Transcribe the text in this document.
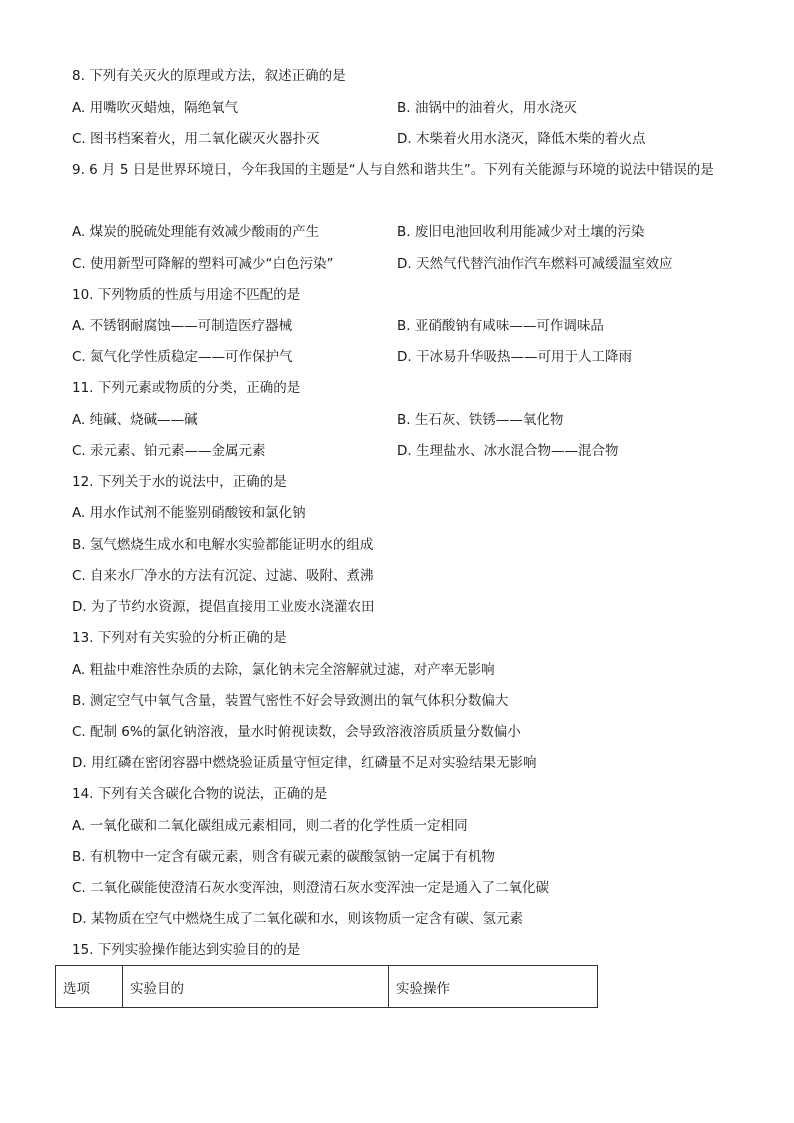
8. 下列有关灭火的原理或方法，叙述正确的是
A. 用嘴吹灭蜡烛，隔绝氧气	B. 油锅中的油着火，用水浇灭
C. 图书档案着火，用二氧化碳灭火器扑灭	D. 木柴着火用水浇灭，降低木柴的着火点
9. 6 月 5 日是世界环境日，今年我国的主题是“人与自然和谐共生”。下列有关能源与环境的说法中错误的是
A. 煤炭的脱硫处理能有效减少酸雨的产生	B. 废旧电池回收利用能减少对土壤的污染
C. 使用新型可降解的塑料可减少“白色污染”	D. 天然气代替汽油作汽车燃料可减缓温室效应
10. 下列物质的性质与用途不匹配的是
A. 不锈钢耐腐蚀——可制造医疗器械	B. 亚硝酸钠有咸味——可作调味品
C. 氮气化学性质稳定——可作保护气	D. 干冰易升华吸热——可用于人工降雨
11. 下列元素或物质的分类，正确的是
A. 纯碱、烧碱——碱	B. 生石灰、铁锈——氧化物
C. 汞元素、铂元素——金属元素	D. 生理盐水、冰水混合物——混合物
12. 下列关于水的说法中，正确的是
A. 用水作试剂不能鉴别硝酸铵和氯化钠
B. 氢气燃烧生成水和电解水实验都能证明水的组成
C. 自来水厂净水的方法有沉淀、过滤、吸附、煮沸
D. 为了节约水资源，提倡直接用工业废水浇灌农田
13. 下列对有关实验的分析正确的是
A. 粗盐中难溶性杂质的去除，氯化钠未完全溶解就过滤，对产率无影响
B. 测定空气中氧气含量，装置气密性不好会导致测出的氧气体积分数偏大
C. 配制 6%的氯化钠溶液，量水时俯视读数，会导致溶液溶质质量分数偏小
D. 用红磷在密闭容器中燃烧验证质量守恒定律，红磷量不足对实验结果无影响
14. 下列有关含碳化合物的说法，正确的是
A. 一氧化碳和二氧化碳组成元素相同，则二者的化学性质一定相同
B. 有机物中一定含有碳元素，则含有碳元素的碳酸氢钠一定属于有机物
C. 二氧化碳能使澄清石灰水变浑浊，则澄清石灰水变浑浊一定是通入了二氧化碳
D. 某物质在空气中燃烧生成了二氧化碳和水，则该物质一定含有碳、氢元素
15. 下列实验操作能达到实验目的的是
选项	实验目的	实验操作
